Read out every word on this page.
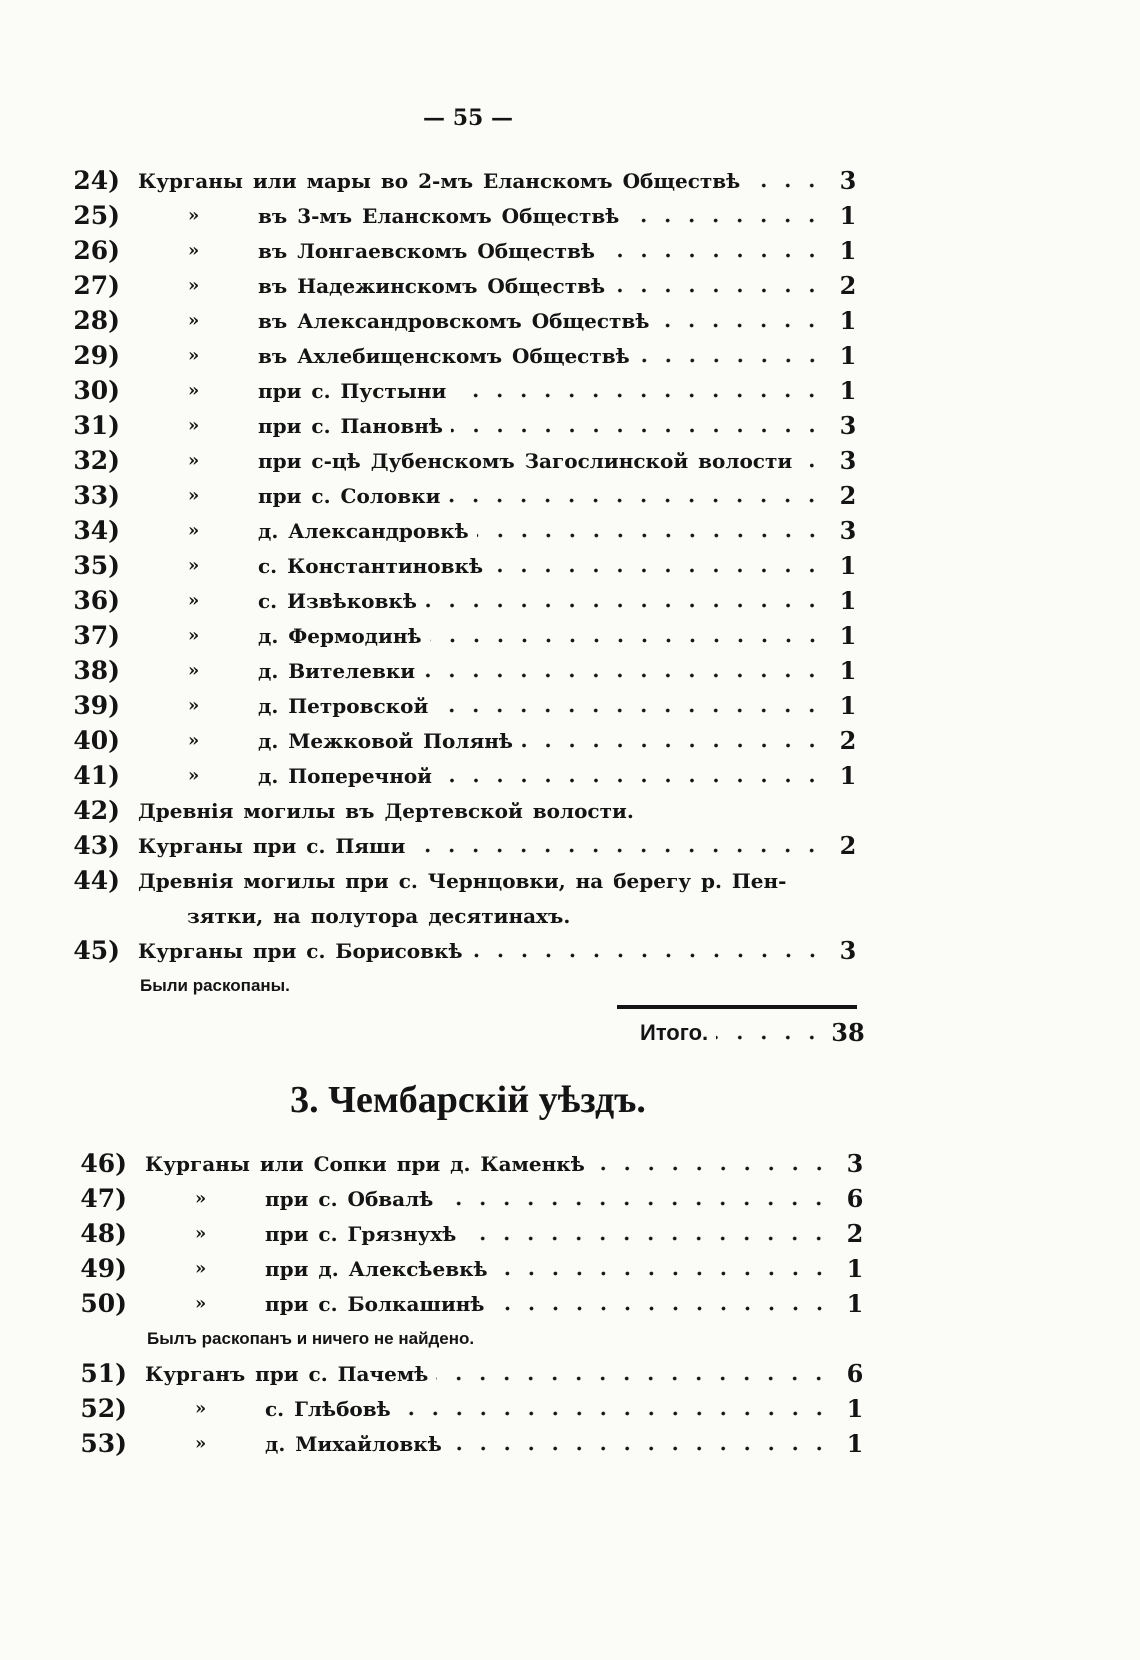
— 55 —
24) Курганы или мары во 2-мъ Еланскомъ Обществѣ	3
25)	»	въ 3-мъ Еланскомъ Обществѣ	1
26)	»	въ Лонгаевскомъ Обществѣ	1
27)	»	въ Надежинскомъ Обществѣ	2
28)	»	въ Александровскомъ Обществѣ	1
29)	»	въ Ахлебищенскомъ Обществѣ	1
30)	»	при с. Пустыни	1
31)	»	при с. Пановнѣ	3
32)	»	при с-цѣ Дубенскомъ Загослинской волости	3
33)	»	при с. Соловки	2
34)	»	д. Александровкѣ	3
35)	»	с. Константиновкѣ	1
36)	»	с. Извѣковкѣ	1
37)	»	д. Фермодинѣ	1
38)	»	д. Вителевки	1
39)	»	д. Петровской	1
40)	»	д. Межковой Полянѣ	2
41)	»	д. Поперечной	1
42) Древнія могилы въ Дертевской волости.
43) Курганы при с. Пяши	2
44) Древнія могилы при с. Чернцовки, на берегу р. Пен-
зятки, на полутора десятинахъ.
45) Курганы при с. Борисовкѣ	3
Были раскопаны.
Итого.	38
3. Чембарскій уѣздъ.
46) Курганы или Сопки при д. Каменкѣ	3
47)	»	при с. Обвалѣ	6
48)	»	при с. Грязнухѣ	2
49)	»	при д. Алексѣевкѣ	1
50)	»	при с. Болкашинѣ	1
Былъ раскопанъ и ничего не найдено.
51) Курганъ при с. Пачемѣ	6
52)	»	с. Глѣбовѣ	1
53)	»	д. Михайловкѣ	1
